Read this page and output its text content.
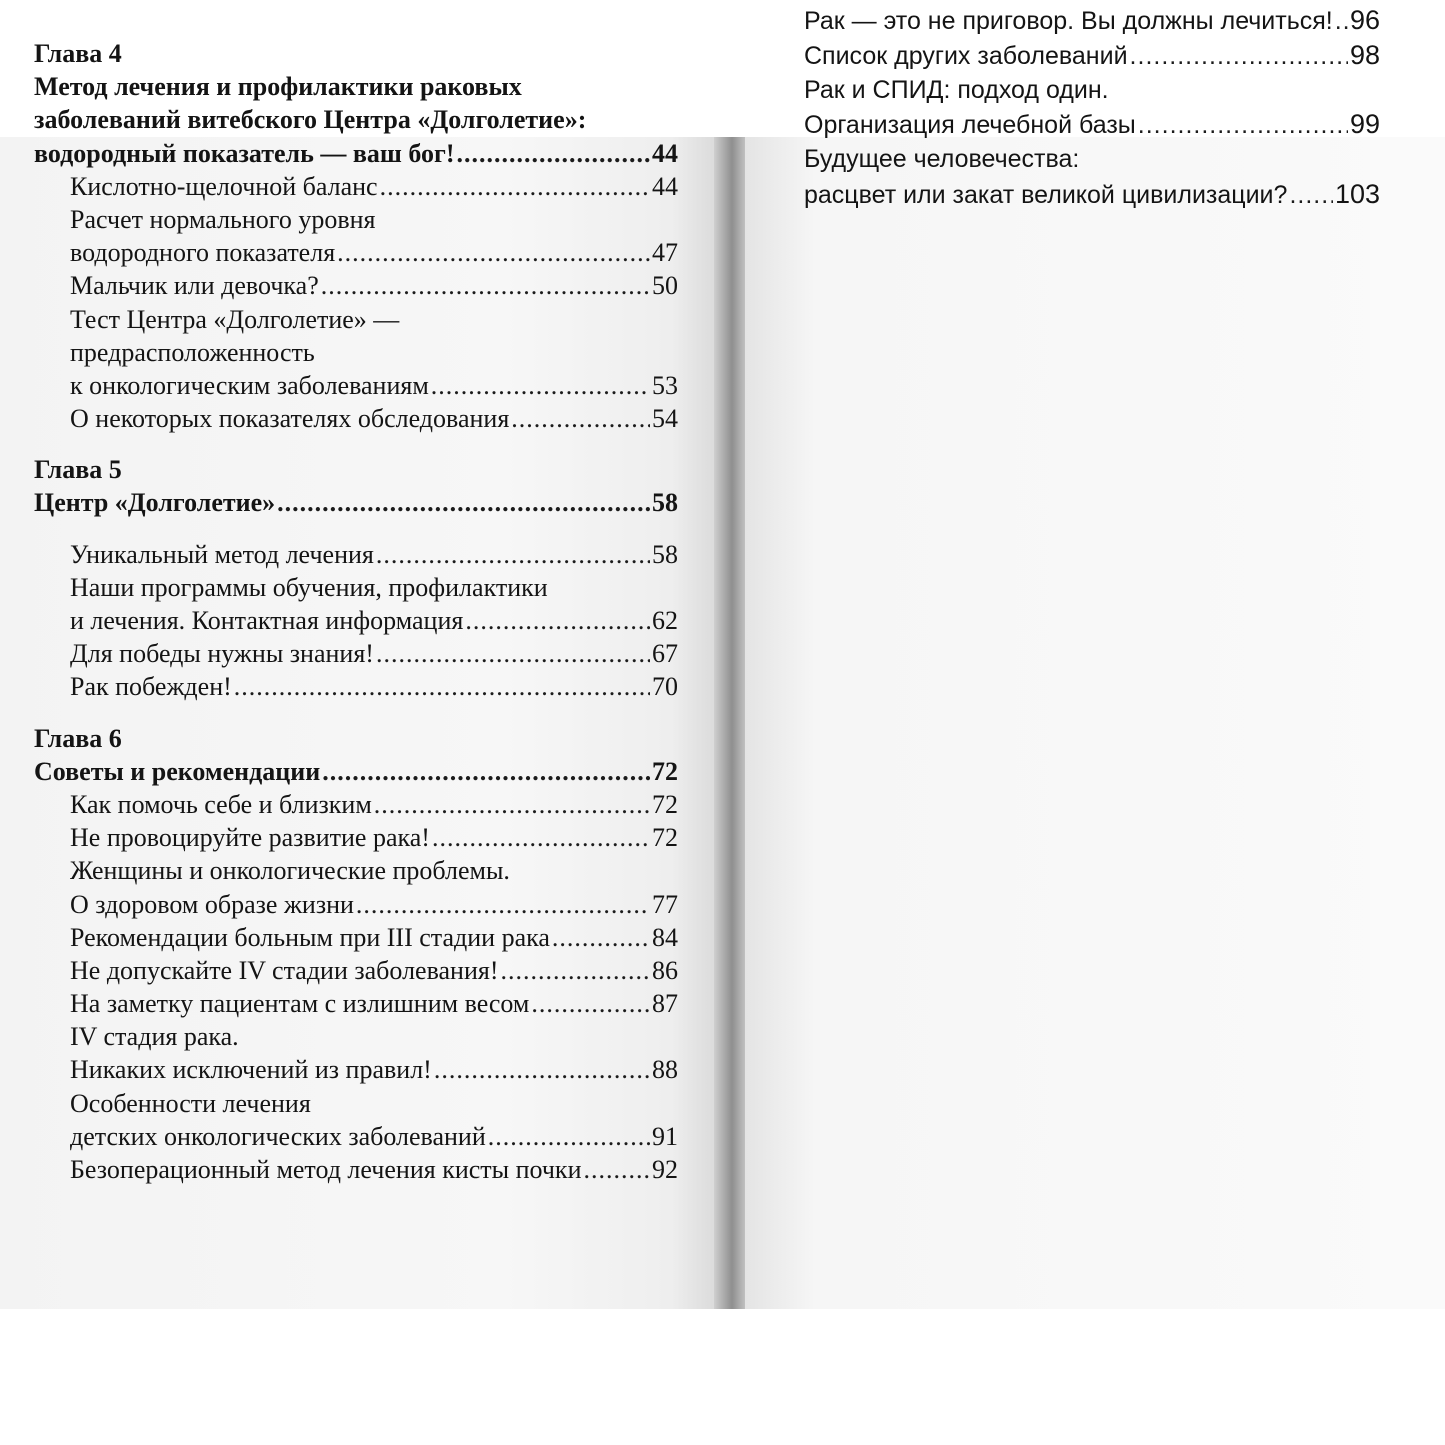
Глава 4
Метод лечения и профилактики раковых
заболеваний витебского Центра «Долголетие»:
водородный показатель — ваш бог! .....	44
Кислотно-щелочной баланс .....	44
Расчет нормального уровня
водородного показателя .....	47
Мальчик или девочка? .....	50
Тест Центра «Долголетие» —
предрасположенность
к онкологическим заболеваниям .....	53
О некоторых показателях обследования .....	54
Глава 5
Центр «Долголетие» .....	58
Уникальный метод лечения .....	58
Наши программы обучения, профилактики
и лечения. Контактная информация .....	62
Для победы нужны знания! .....	67
Рак побежден! .....	70
Глава 6
Советы и рекомендации .....	72
Как помочь себе и близким .....	72
Не провоцируйте развитие рака! .....	72
Женщины и онкологические проблемы.
О здоровом образе жизни .....	77
Рекомендации больным при III стадии рака .....	84
Не допускайте IV стадии заболевания! .....	86
На заметку пациентам с излишним весом .....	87
IV стадия рака.
Никаких исключений из правил! .....	88
Особенности лечения
детских онкологических заболеваний .....	91
Безоперационный метод лечения кисты почки .....	92
Рак — это не приговор. Вы должны лечиться! ..... 96
Список других заболеваний .....	98
Рак и СПИД: подход один.
Организация лечебной базы .....	99
Будущее человечества:
расцвет или закат великой цивилизации? ..... 103
